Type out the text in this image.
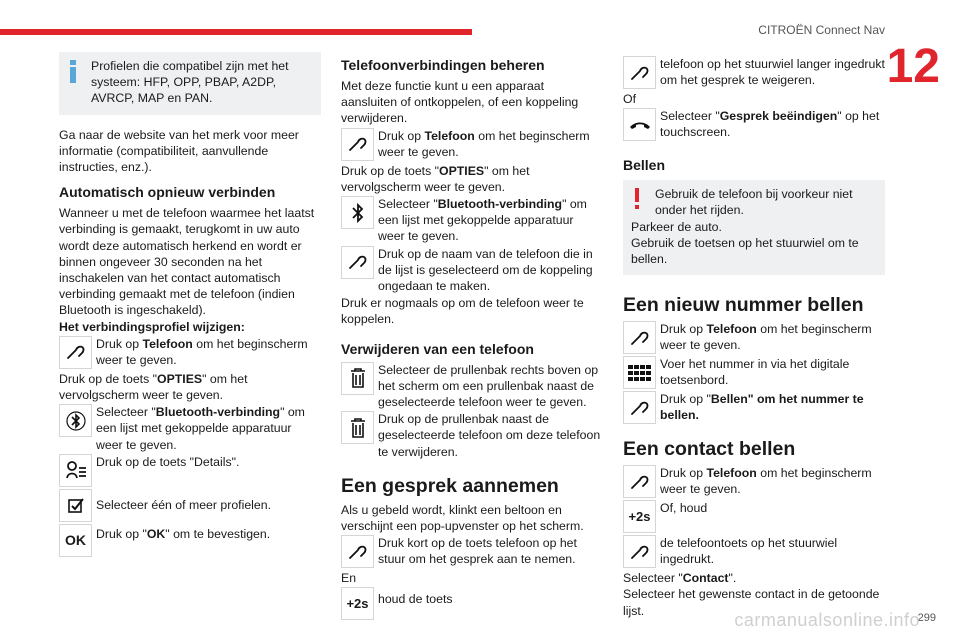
CITROËN Connect Nav
12
299
carmanualsonline.info
Profielen die compatibel zijn met het systeem: HFP, OPP, PBAP, A2DP, AVRCP, MAP en PAN.

Ga naar de website van het merk voor meer informatie (compatibiliteit, aanvullende instructies, enz.).

Automatisch opnieuw verbinden

Wanneer u met de telefoon waarmee het laatst verbinding is gemaakt, terugkomt in uw auto wordt deze automatisch herkend en wordt er binnen ongeveer 30 seconden na het inschakelen van het contact automatisch verbinding gemaakt met de telefoon (indien Bluetooth is ingeschakeld).

Het verbindingsprofiel wijzigen:

Druk op Telefoon om het beginscherm weer te geven.

Druk op de toets "OPTIES" om het vervolgscherm weer te geven.

Selecteer "Bluetooth-verbinding" om een lijst met gekoppelde apparatuur weer te geven.
Druk op de toets "Details".
Selecteer één of meer profielen.
OK Druk op "OK" om te bevestigen.
Telefoonverbindingen beheren

Met deze functie kunt u een apparaat aansluiten of ontkoppelen, of een koppeling verwijderen.

Druk op Telefoon om het beginscherm weer te geven.

Druk op de toets "OPTIES" om het vervolgscherm weer te geven.

Selecteer "Bluetooth-verbinding" om een lijst met gekoppelde apparatuur weer te geven.
Druk op de naam van de telefoon die in de lijst is geselecteerd om de koppeling ongedaan te maken.

Druk er nogmaals op om de telefoon weer te koppelen.

Verwijderen van een telefoon
Selecteer de prullenbak rechts boven op het scherm om een prullenbak naast de geselecteerde telefoon weer te geven.
Druk op de prullenbak naast de geselecteerde telefoon om deze telefoon te verwijderen.
Een gesprek aannemen

Als u gebeld wordt, klinkt een beltoon en verschijnt een pop-upvenster op het scherm.

Druk kort op de toets telefoon op het stuur om het gesprek aan te nemen.

En

+2s houd de toets
telefoon op het stuurwiel langer ingedrukt om het gesprek te weigeren.

Of

Selecteer "Gesprek beëindigen" op het touchscreen.
Bellen
Gebruik de telefoon bij voorkeur niet onder het rijden.
Parkeer de auto.
Gebruik de toetsen op het stuurwiel om te bellen.
Een nieuw nummer bellen
Druk op Telefoon om het beginscherm weer te geven.
Voer het nummer in via het digitale toetsenbord.
Druk op "Bellen" om het nummer te bellen.
Een contact bellen
Druk op Telefoon om het beginscherm weer te geven.
+2s
Of, houd
de telefoontoets op het stuurwiel ingedrukt.

Selecteer "Contact".

Selecteer het gewenste contact in de getoonde lijst.
